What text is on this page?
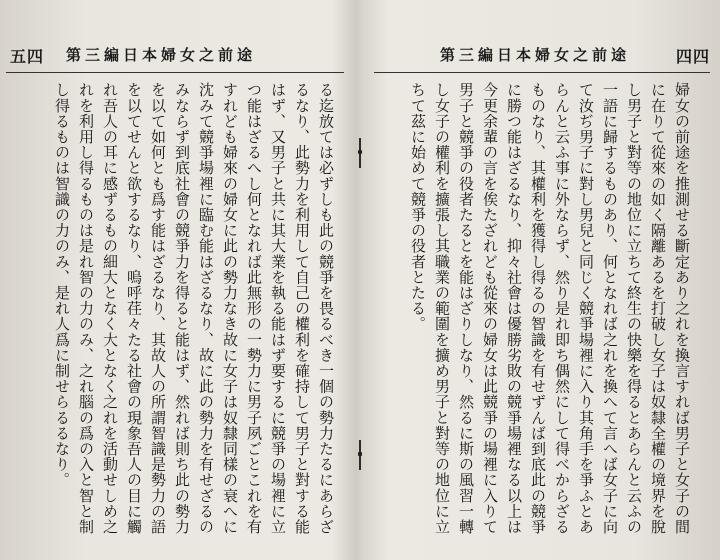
五四 第三編日本婦女之前途

る迄放ては必ずしも此の競爭を畏るべき一個の勢力たるにあらざるなり、此勢力を利用して自己の權利を確持して男子と對する能はず、又男子と共に其大業を執る能はず要するに競爭の場裡に立つ能はざるへし何となれば此無形の一勢力に男子夙ごとこれを有すれども婦來の婦女に此の勢力なき故に女子は奴隸同樣の衰へに沈みて競爭場裡に臨む能はざるなり、故に此の勢力を有せざるのみならず到底社會の競爭力を得ると能はず、然れば則ち此の勢力を以て如何とも爲す能はざるなり、其故人の所謂智識是勢力の語を以てせんと欲するなり、嗚呼荏々たる社會の現象吾人の目に觸れ吾人の耳に感ずるもの細大となく大となく之れを活動せしめ之れを利用し得るものは是れ智の力のみ、之れ腦の爲の入と智と制し得るものは智識の力のみ、是れ人爲に制せらるるなり。

第三編日本婦女之前途	四四

婦女の前途を推測せる斷定あり之れを換言すれば男子と女子の間に在りて從來の如く隔離あるを打破し女子は奴隸全權の境界を脫し男子と對等の地位に立ちて終生の快樂を得るとあらんと云ふの一語に歸するものあり、何となれば之れを換へて言へば女子に向て汝ぢ男子に對し男兒と同じく競爭場裡に入り其角手を爭ふとあらんと云ふ事に外ならず、然り是れ即ち偶然にして得べからざるものなり、其權利を獲得し得るの智識を有せずんば到底此の競爭に勝つ能はざるなり、抑々社會は優勝劣敗の競爭場裡なる以上は今更余輩の言を俟たざれども從來の婦女は此競爭の場裡に入りて男子と競爭の役者たるとを能はざりしなり、然るに斯の風習一轉し女子の權利を擴張し其職業の範圍を擴め男子と對等の地位に立ちて茲に始めて競爭の役者とたる。
